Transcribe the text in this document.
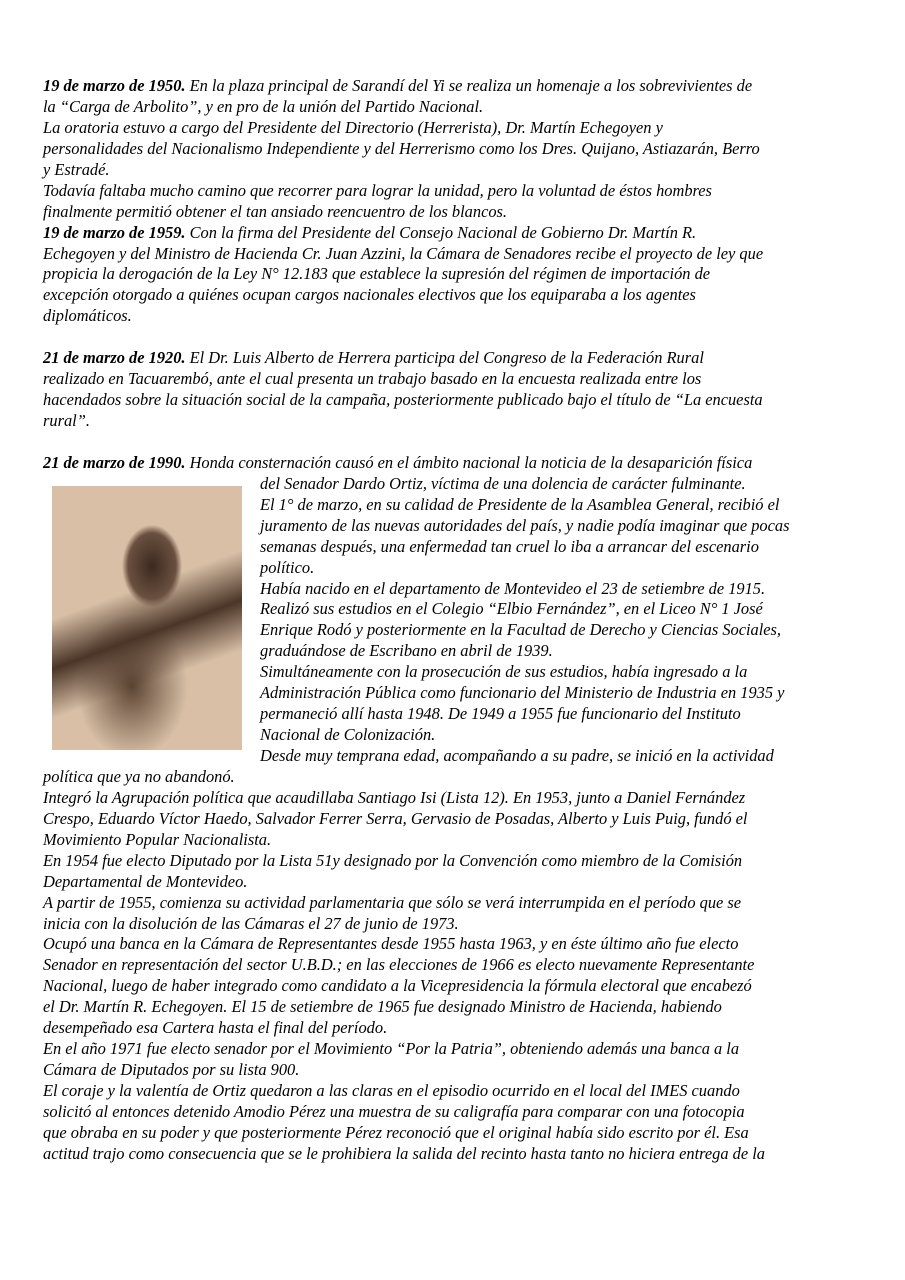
19 de marzo de 1950. En la plaza principal de Sarandí del Yi se realiza un homenaje a los sobrevivientes de
la “Carga de Arbolito”, y en pro de la unión del Partido Nacional.
La oratoria estuvo a cargo del Presidente del Directorio (Herrerista), Dr. Martín Echegoyen y
personalidades del Nacionalismo Independiente y del Herrerismo como los Dres. Quijano, Astiazarán, Berro
y Estradé.
Todavía faltaba mucho camino que recorrer para lograr la unidad, pero la voluntad de éstos hombres
finalmente permitió obtener el tan ansiado reencuentro de los blancos.
19 de marzo de 1959. Con la firma del Presidente del Consejo Nacional de Gobierno Dr. Martín R.
Echegoyen y del Ministro de Hacienda Cr. Juan Azzini, la Cámara de Senadores recibe el proyecto de ley que
propicia la derogación de la Ley N° 12.183 que establece la supresión del régimen de importación de
excepción otorgado a quiénes ocupan cargos nacionales electivos que los equiparaba a los agentes
diplomáticos.
21 de marzo de 1920. El Dr. Luis Alberto de Herrera participa del Congreso de la Federación Rural
realizado en Tacuarembó, ante el cual presenta un trabajo basado en la encuesta realizada entre los
hacendados sobre la situación social de la campaña, posteriormente publicado bajo el título de “La encuesta
rural”.
21 de marzo de 1990. Honda consternación causó en el ámbito nacional la noticia de la desaparición física
del Senador Dardo Ortiz, víctima de una dolencia de carácter fulminante.
El 1° de marzo, en su calidad de Presidente de la Asamblea General, recibió el
juramento de las nuevas autoridades del país, y nadie podía imaginar que pocas
semanas después, una enfermedad tan cruel lo iba a arrancar del escenario
político.
Había nacido en el departamento de Montevideo el 23 de setiembre de 1915.
Realizó sus estudios en el Colegio “Elbio Fernández”, en el Liceo N° 1 José
Enrique Rodó y posteriormente en la Facultad de Derecho y Ciencias Sociales,
graduándose de Escribano en abril de 1939.
Simultáneamente con la prosecución de sus estudios, había ingresado a la
Administración Pública como funcionario del Ministerio de Industria en 1935 y
permaneció allí hasta 1948. De 1949 a 1955 fue funcionario del Instituto
Nacional de Colonización.
Desde muy temprana edad, acompañando a su padre, se inició en la actividad
política que ya no abandonó.
Integró la Agrupación política que acaudillaba Santiago Isi (Lista 12). En 1953, junto a Daniel Fernández
Crespo, Eduardo Víctor Haedo, Salvador Ferrer Serra, Gervasio de Posadas, Alberto y Luis Puig, fundó el
Movimiento Popular Nacionalista.
En 1954 fue electo Diputado por la Lista 51y designado por la Convención como miembro de la Comisión
Departamental de Montevideo.
A partir de 1955, comienza su actividad parlamentaria que sólo se verá interrumpida en el período que se
inicia con la disolución de las Cámaras el 27 de junio de 1973.
Ocupó una banca en la Cámara de Representantes desde 1955 hasta 1963, y en éste último año fue electo
Senador en representación del sector U.B.D.; en las elecciones de 1966 es electo nuevamente Representante
Nacional, luego de haber integrado como candidato a la Vicepresidencia la fórmula electoral que encabezó
el Dr. Martín R. Echegoyen. El 15 de setiembre de 1965 fue designado Ministro de Hacienda, habiendo
desempeñado esa Cartera hasta el final del período.
En el año 1971 fue electo senador por el Movimiento “Por la Patria”, obteniendo además una banca a la
Cámara de Diputados por su lista 900.
El coraje y la valentía de Ortiz quedaron a las claras en el episodio ocurrido en el local del IMES cuando
solicitó al entonces detenido Amodio Pérez una muestra de su caligrafía para comparar con una fotocopia
que obraba en su poder y que posteriormente Pérez reconoció que el original había sido escrito por él. Esa
actitud trajo como consecuencia que se le prohibiera la salida del recinto hasta tanto no hiciera entrega de la
